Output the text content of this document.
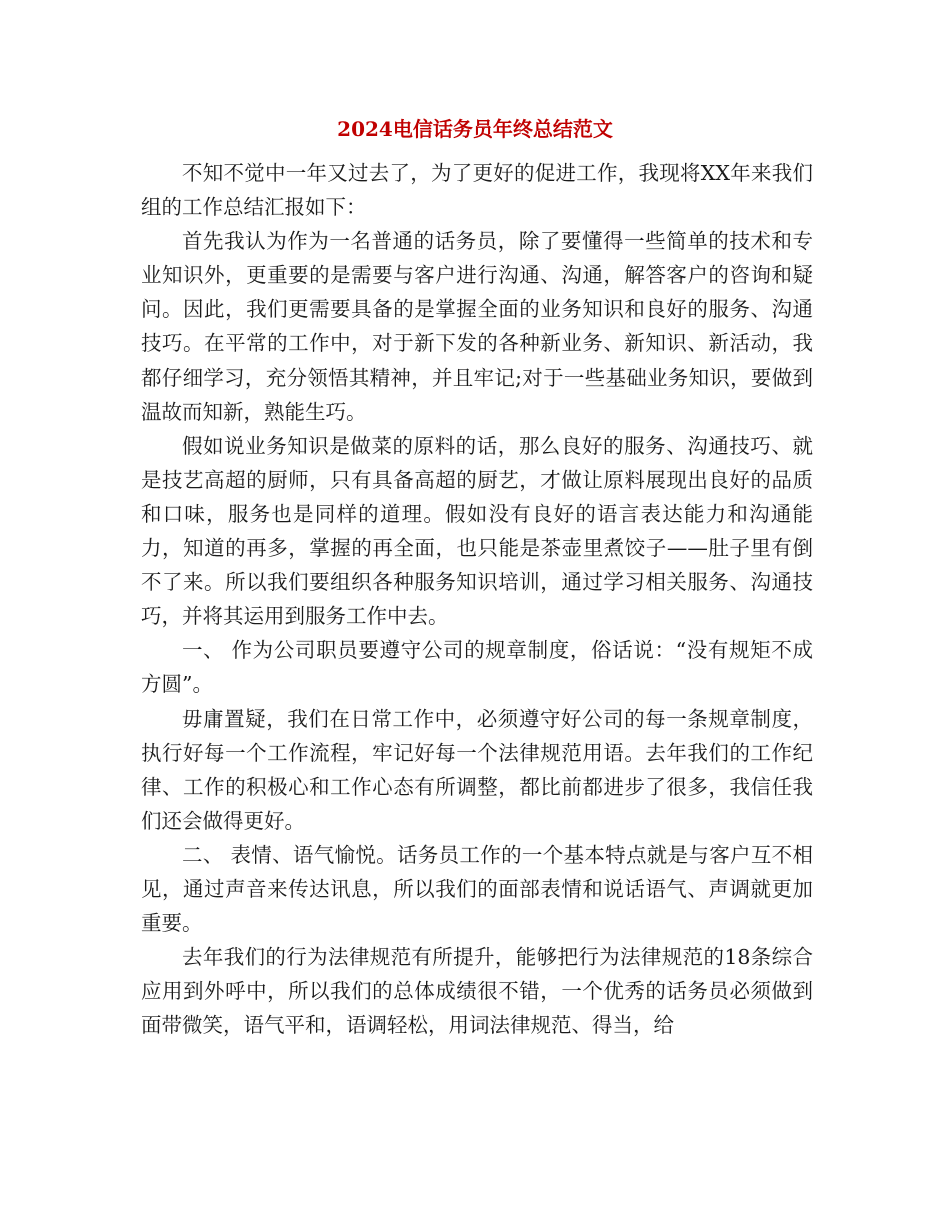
2024电信话务员年终总结范文

不知不觉中一年又过去了，为了更好的促进工作，我现将XX年来我们组的工作总结汇报如下：

首先我认为作为一名普通的话务员，除了要懂得一些简单的技术和专业知识外，更重要的是需要与客户进行沟通、沟通，解答客户的咨询和疑问。因此，我们更需要具备的是掌握全面的业务知识和良好的服务、沟通技巧。在平常的工作中，对于新下发的各种新业务、新知识、新活动，我都仔细学习，充分领悟其精神，并且牢记;对于一些基础业务知识，要做到温故而知新，熟能生巧。

假如说业务知识是做菜的原料的话，那么良好的服务、沟通技巧、就是技艺高超的厨师，只有具备高超的厨艺，才做让原料展现出良好的品质和口味，服务也是同样的道理。假如没有良好的语言表达能力和沟通能力，知道的再多，掌握的再全面，也只能是茶壶里煮饺子——肚子里有倒不了来。所以我们要组织各种服务知识培训，通过学习相关服务、沟通技巧，并将其运用到服务工作中去。

一、 作为公司职员要遵守公司的规章制度，俗话说：“没有规矩不成方圆”。

毋庸置疑，我们在日常工作中，必须遵守好公司的每一条规章制度，执行好每一个工作流程，牢记好每一个法律规范用语。去年我们的工作纪律、工作的积极心和工作心态有所调整，都比前都进步了很多，我信任我们还会做得更好。

二、 表情、语气愉悦。话务员工作的一个基本特点就是与客户互不相见，通过声音来传达讯息，所以我们的面部表情和说话语气、声调就更加重要。

去年我们的行为法律规范有所提升，能够把行为法律规范的18条综合应用到外呼中，所以我们的总体成绩很不错，一个优秀的话务员必须做到面带微笑，语气平和，语调轻松，用词法律规范、得当，给
